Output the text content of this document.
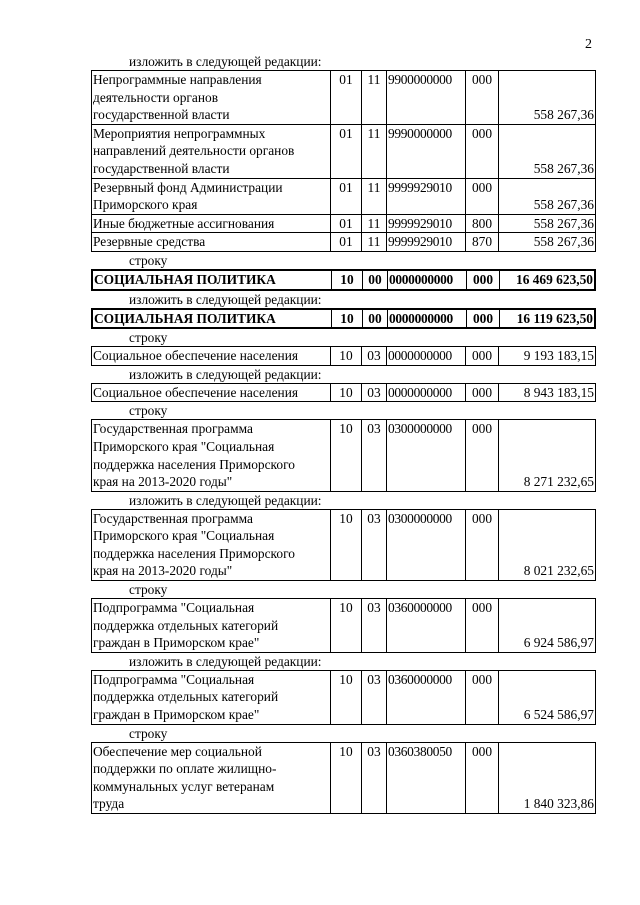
2
изложить в следующей редакции:
Непрограммные направления
деятельности органов
государственной власти	01	11	9900000000	000	558 267,36

Мероприятия непрограммных
направлений деятельности органов
государственной власти	01	11	9990000000	000	558 267,36

Резервный фонд Администрации
Приморского края	01	11	9999929010	000	558 267,36

Иные бюджетные ассигнования	01	11	9999929010	800	558 267,36

Резервные средства	01	11	9999929010	870	558 267,36
строку
СОЦИАЛЬНАЯ ПОЛИТИКА	10	00	0000000000	000	16 469 623,50
изложить в следующей редакции:
СОЦИАЛЬНАЯ ПОЛИТИКА	10	00	0000000000	000	16 119 623,50
строку
Социальное обеспечение населения	10	03	0000000000	000	9 193 183,15
изложить в следующей редакции:
Социальное обеспечение населения	10	03	0000000000	000	8 943 183,15
строку
Государственная программа
Приморского края "Социальная
поддержка населения Приморского
края на 2013-2020 годы"
	10	03	0300000000	000	8 271 232,65
изложить в следующей редакции:
Государственная программа
Приморского края "Социальная
поддержка населения Приморского
края на 2013-2020 годы"
	10	03	0300000000	000	8 021 232,65
строку
Подпрограмма "Социальная
поддержка отдельных категорий
граждан в Приморском крае"
	10	03	0360000000	000	6 924 586,97
изложить в следующей редакции:
Подпрограмма "Социальная
поддержка отдельных категорий
граждан в Приморском крае"
	10	03	0360000000	000	6 524 586,97
строку
Обеспечение мер социальной
поддержки по оплате жилищно-
коммунальных услуг ветеранам
труда
	10	03	0360380050	000	1 840 323,86
